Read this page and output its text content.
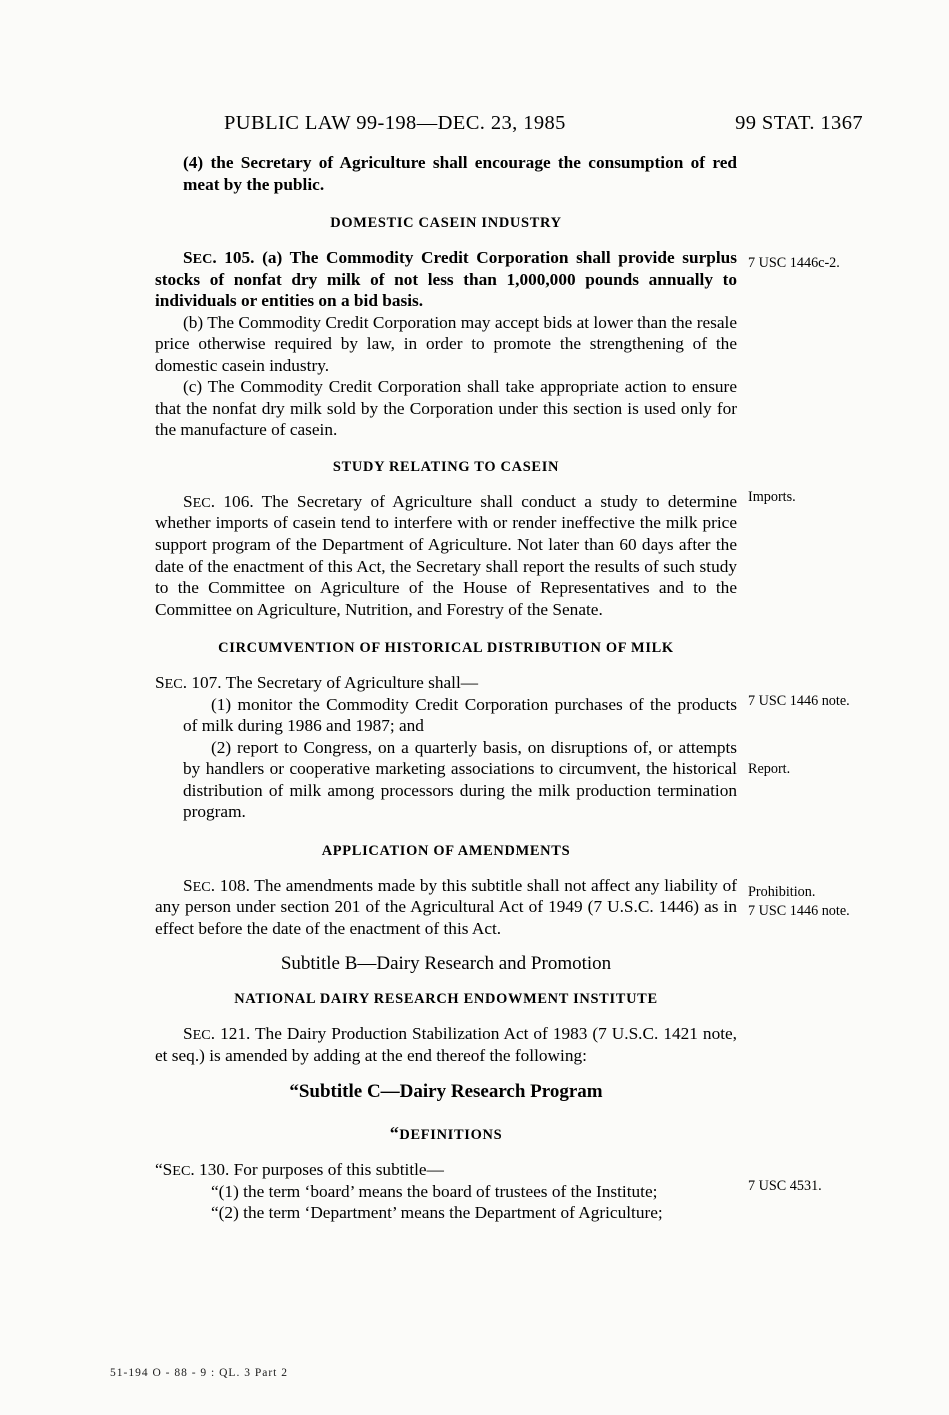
PUBLIC LAW 99-198—DEC. 23, 1985	99 STAT. 1367

(4) the Secretary of Agriculture shall encourage the consumption of red meat by the public.

DOMESTIC CASEIN INDUSTRY

SEC. 105. (a) The Commodity Credit Corporation shall provide surplus stocks of nonfat dry milk of not less than 1,000,000 pounds annually to individuals or entities on a bid basis.

(b) The Commodity Credit Corporation may accept bids at lower than the resale price otherwise required by law, in order to promote the strengthening of the domestic casein industry.

(c) The Commodity Credit Corporation shall take appropriate action to ensure that the nonfat dry milk sold by the Corporation under this section is used only for the manufacture of casein.

STUDY RELATING TO CASEIN

SEC. 106. The Secretary of Agriculture shall conduct a study to determine whether imports of casein tend to interfere with or render ineffective the milk price support program of the Department of Agriculture. Not later than 60 days after the date of the enactment of this Act, the Secretary shall report the results of such study to the Committee on Agriculture of the House of Representatives and to the Committee on Agriculture, Nutrition, and Forestry of the Senate.

CIRCUMVENTION OF HISTORICAL DISTRIBUTION OF MILK

SEC. 107. The Secretary of Agriculture shall—

(1) monitor the Commodity Credit Corporation purchases of the products of milk during 1986 and 1987; and

(2) report to Congress, on a quarterly basis, on disruptions of, or attempts by handlers or cooperative marketing associations to circumvent, the historical distribution of milk among processors during the milk production termination program.

APPLICATION OF AMENDMENTS

SEC. 108. The amendments made by this subtitle shall not affect any liability of any person under section 201 of the Agricultural Act of 1949 (7 U.S.C. 1446) as in effect before the date of the enactment of this Act.

Subtitle B—Dairy Research and Promotion
NATIONAL DAIRY RESEARCH ENDOWMENT INSTITUTE

SEC. 121. The Dairy Production Stabilization Act of 1983 (7 U.S.C. 1421 note, et seq.) is amended by adding at the end thereof the following:

“Subtitle C—Dairy Research Program
“DEFINITIONS

“SEC. 130. For purposes of this subtitle—

“(1) the term ‘board’ means the board of trustees of the Institute;

“(2) the term ‘Department’ means the Department of Agriculture;

7 USC 1446c-2.
Imports.
7 USC 1446 note.
Report.
Prohibition.
7 USC 1446 note.
7 USC 4531.
51-194 O - 88 - 9 : QL. 3 Part 2
